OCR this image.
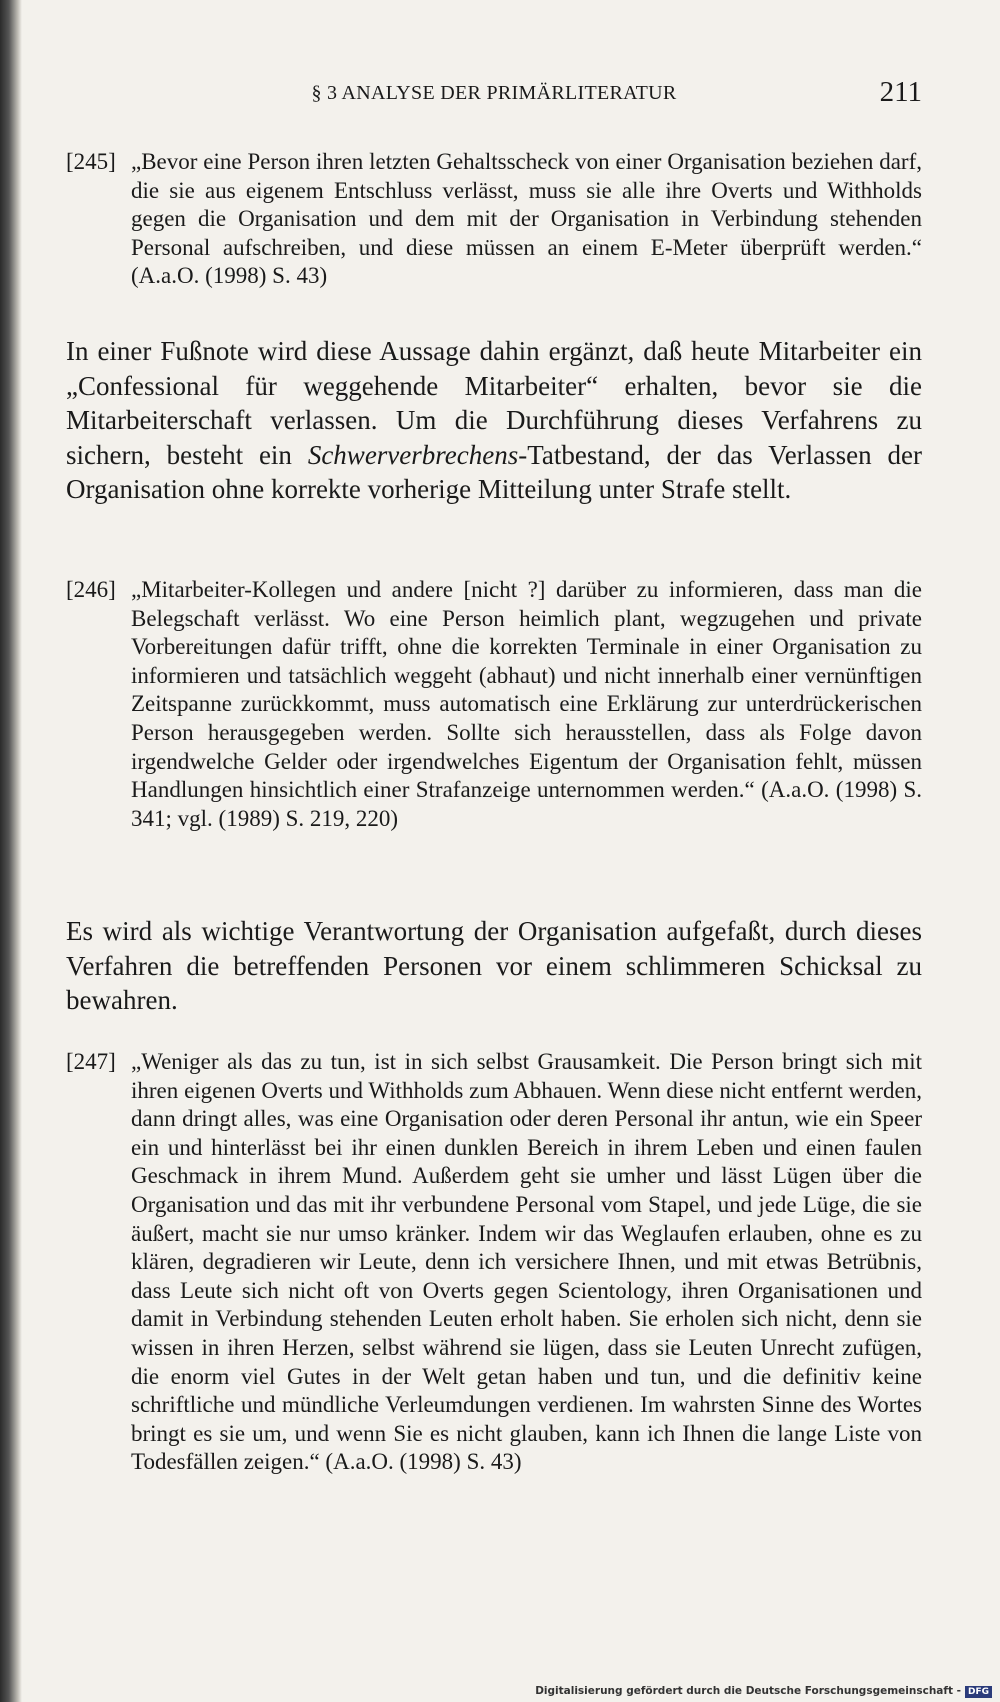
§ 3 ANALYSE DER PRIMÄRLITERATUR	211
[245] „Bevor eine Person ihren letzten Gehaltsscheck von einer Organisation beziehen darf, die sie aus eigenem Entschluss verlässt, muss sie alle ihre Overts und Withholds gegen die Organisation und dem mit der Organisation in Verbindung stehenden Personal aufschreiben, und diese müssen an einem E-Meter überprüft werden.“ (A.a.O. (1998) S. 43)
In einer Fußnote wird diese Aussage dahin ergänzt, daß heute Mitarbeiter ein „Confessional für weggehende Mitarbeiter“ erhalten, bevor sie die Mitarbeiterschaft verlassen. Um die Durchführung dieses Verfahrens zu sichern, besteht ein Schwerverbrechens-Tatbestand, der das Verlassen der Organisation ohne korrekte vorherige Mitteilung unter Strafe stellt.
[246] „Mitarbeiter-Kollegen und andere [nicht ?] darüber zu informieren, dass man die Belegschaft verlässt. Wo eine Person heimlich plant, wegzugehen und private Vorbereitungen dafür trifft, ohne die korrekten Terminale in einer Organisation zu informieren und tatsächlich weggeht (abhaut) und nicht innerhalb einer vernünftigen Zeitspanne zurückkommt, muss automatisch eine Erklärung zur unterdrückerischen Person herausgegeben werden. Sollte sich herausstellen, dass als Folge davon irgendwelche Gelder oder irgendwelches Eigentum der Organisation fehlt, müssen Handlungen hinsichtlich einer Strafanzeige unternommen werden.“ (A.a.O. (1998) S. 341; vgl. (1989) S. 219, 220)
Es wird als wichtige Verantwortung der Organisation aufgefaßt, durch dieses Verfahren die betreffenden Personen vor einem schlimmeren Schicksal zu bewahren.
[247] „Weniger als das zu tun, ist in sich selbst Grausamkeit. Die Person bringt sich mit ihren eigenen Overts und Withholds zum Abhauen. Wenn diese nicht entfernt werden, dann dringt alles, was eine Organisation oder deren Personal ihr antun, wie ein Speer ein und hinterlässt bei ihr einen dunklen Bereich in ihrem Leben und einen faulen Geschmack in ihrem Mund. Außerdem geht sie umher und lässt Lügen über die Organisation und das mit ihr verbundene Personal vom Stapel, und jede Lüge, die sie äußert, macht sie nur umso kränker. Indem wir das Weglaufen erlauben, ohne es zu klären, degradieren wir Leute, denn ich versichere Ihnen, und mit etwas Betrübnis, dass Leute sich nicht oft von Overts gegen Scientology, ihren Organisationen und damit in Verbindung stehenden Leuten erholt haben. Sie erholen sich nicht, denn sie wissen in ihren Herzen, selbst während sie lügen, dass sie Leuten Unrecht zufügen, die enorm viel Gutes in der Welt getan haben und tun, und die definitiv keine schriftliche und mündliche Verleumdungen verdienen. Im wahrsten Sinne des Wortes bringt es sie um, und wenn Sie es nicht glauben, kann ich Ihnen die lange Liste von Todesfällen zeigen.“ (A.a.O. (1998) S. 43)
Digitalisierung gefördert durch die Deutsche Forschungsgemeinschaft - DFG
